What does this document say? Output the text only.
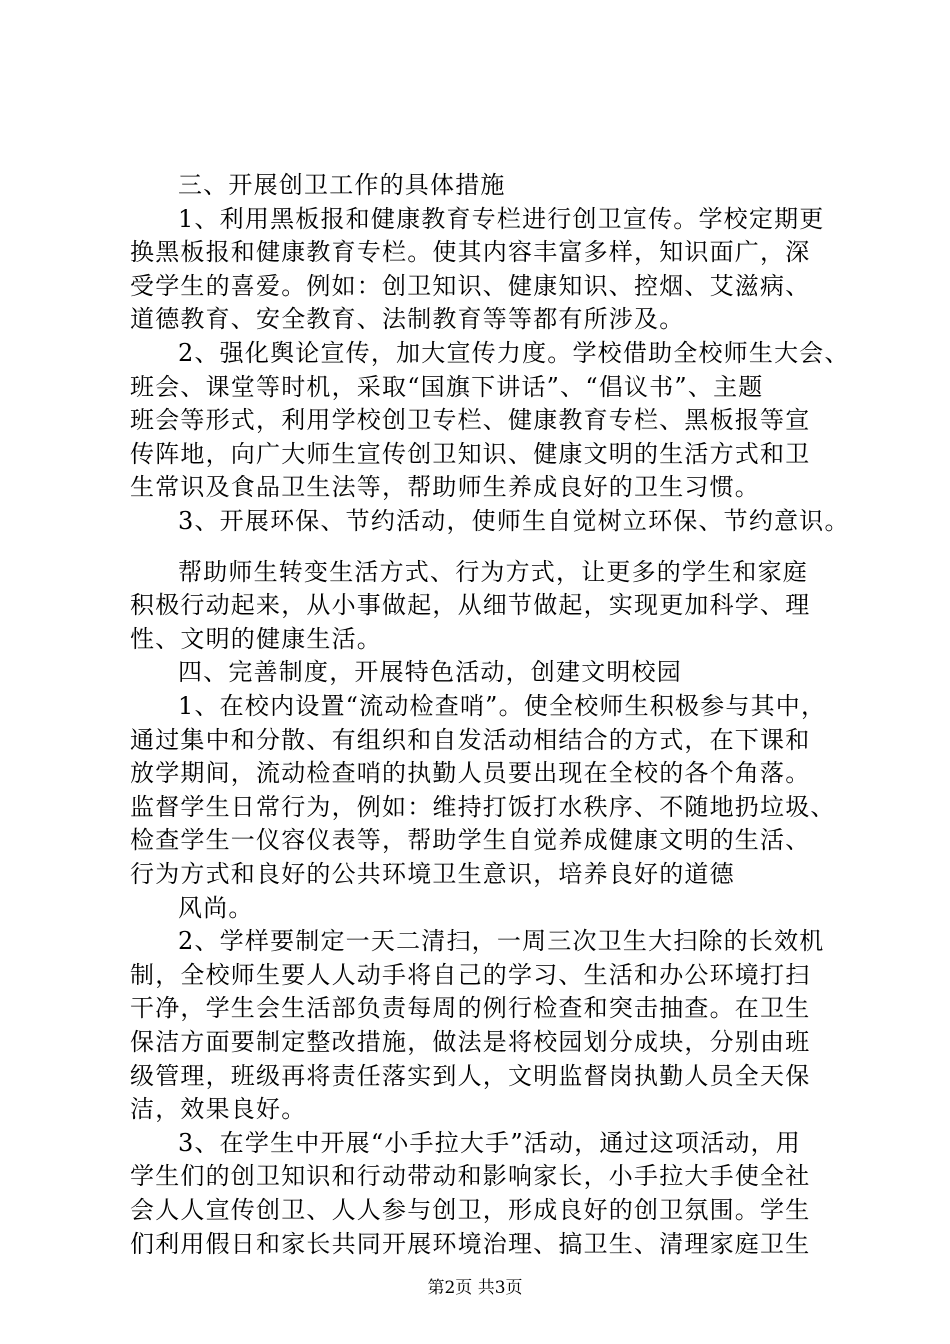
三、开展创卫工作的具体措施
1、利用黑板报和健康教育专栏进行创卫宣传。学校定期更
换黑板报和健康教育专栏。使其内容丰富多样，知识面广，深
受学生的喜爱。例如：创卫知识、健康知识、控烟、艾滋病、
道德教育、安全教育、法制教育等等都有所涉及。
2、强化舆论宣传，加大宣传力度。学校借助全校师生大会、
班会、课堂等时机，采取“国旗下讲话”、“倡议书”、主题
班会等形式，利用学校创卫专栏、健康教育专栏、黑板报等宣
传阵地，向广大师生宣传创卫知识、健康文明的生活方式和卫
生常识及食品卫生法等，帮助师生养成良好的卫生习惯。
3、开展环保、节约活动，使师生自觉树立环保、节约意识。
帮助师生转变生活方式、行为方式，让更多的学生和家庭
积极行动起来，从小事做起，从细节做起，实现更加科学、理
性、文明的健康生活。
四、完善制度，开展特色活动，创建文明校园
1、在校内设置“流动检查哨”。使全校师生积极参与其中，
通过集中和分散、有组织和自发活动相结合的方式，在下课和
放学期间，流动检查哨的执勤人员要出现在全校的各个角落。
监督学生日常行为，例如：维持打饭打水秩序、不随地扔垃圾、
检查学生一仪容仪表等，帮助学生自觉养成健康文明的生活、
行为方式和良好的公共环境卫生意识，培养良好的道德
风尚。
2、学样要制定一天二清扫，一周三次卫生大扫除的长效机
制，全校师生要人人动手将自己的学习、生活和办公环境打扫
干净，学生会生活部负责每周的例行检查和突击抽查。在卫生
保洁方面要制定整改措施，做法是将校园划分成块，分别由班
级管理，班级再将责任落实到人，文明监督岗执勤人员全天保
洁，效果良好。
3、在学生中开展“小手拉大手”活动，通过这项活动，用
学生们的创卫知识和行动带动和影响家长，小手拉大手使全社
会人人宣传创卫、人人参与创卫，形成良好的创卫氛围。学生
们利用假日和家长共同开展环境治理、搞卫生、清理家庭卫生
第2页 共3页
